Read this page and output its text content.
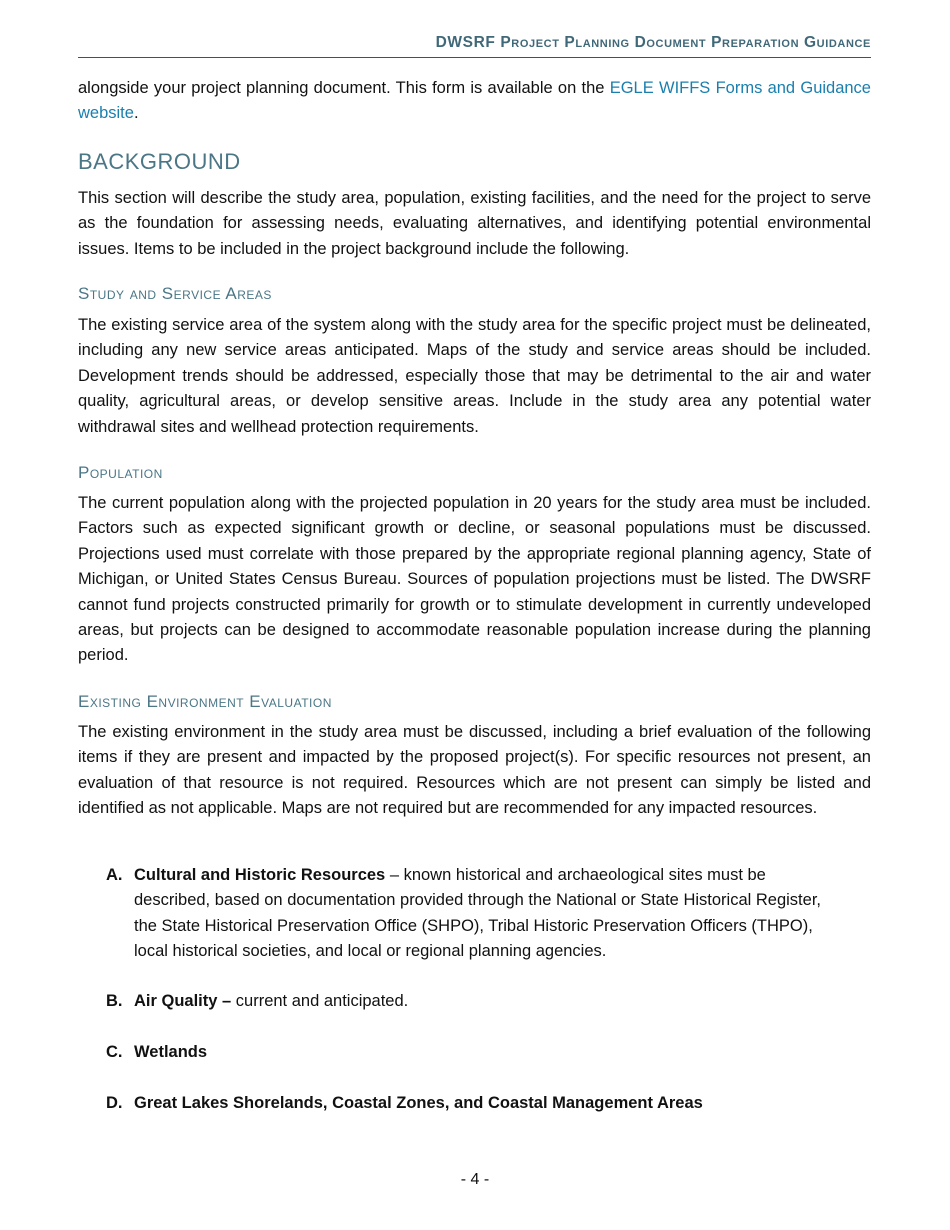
DWSRF Project Planning Document Preparation Guidance

alongside your project planning document. This form is available on the EGLE WIFFS Forms and Guidance website.

BACKGROUND

This section will describe the study area, population, existing facilities, and the need for the project to serve as the foundation for assessing needs, evaluating alternatives, and identifying potential environmental issues. Items to be included in the project background include the following.

Study and Service Areas

The existing service area of the system along with the study area for the specific project must be delineated, including any new service areas anticipated. Maps of the study and service areas should be included. Development trends should be addressed, especially those that may be detrimental to the air and water quality, agricultural areas, or develop sensitive areas. Include in the study area any potential water withdrawal sites and wellhead protection requirements.

Population

The current population along with the projected population in 20 years for the study area must be included. Factors such as expected significant growth or decline, or seasonal populations must be discussed. Projections used must correlate with those prepared by the appropriate regional planning agency, State of Michigan, or United States Census Bureau. Sources of population projections must be listed. The DWSRF cannot fund projects constructed primarily for growth or to stimulate development in currently undeveloped areas, but projects can be designed to accommodate reasonable population increase during the planning period.

Existing Environment Evaluation

The existing environment in the study area must be discussed, including a brief evaluation of the following items if they are present and impacted by the proposed project(s). For specific resources not present, an evaluation of that resource is not required. Resources which are not present can simply be listed and identified as not applicable. Maps are not required but are recommended for any impacted resources.

A. Cultural and Historic Resources – known historical and archaeological sites must be described, based on documentation provided through the National or State Historical Register, the State Historical Preservation Office (SHPO), Tribal Historic Preservation Officers (THPO), local historical societies, and local or regional planning agencies.
B. Air Quality – current and anticipated.
C. Wetlands
D. Great Lakes Shorelands, Coastal Zones, and Coastal Management Areas
- 4 -
